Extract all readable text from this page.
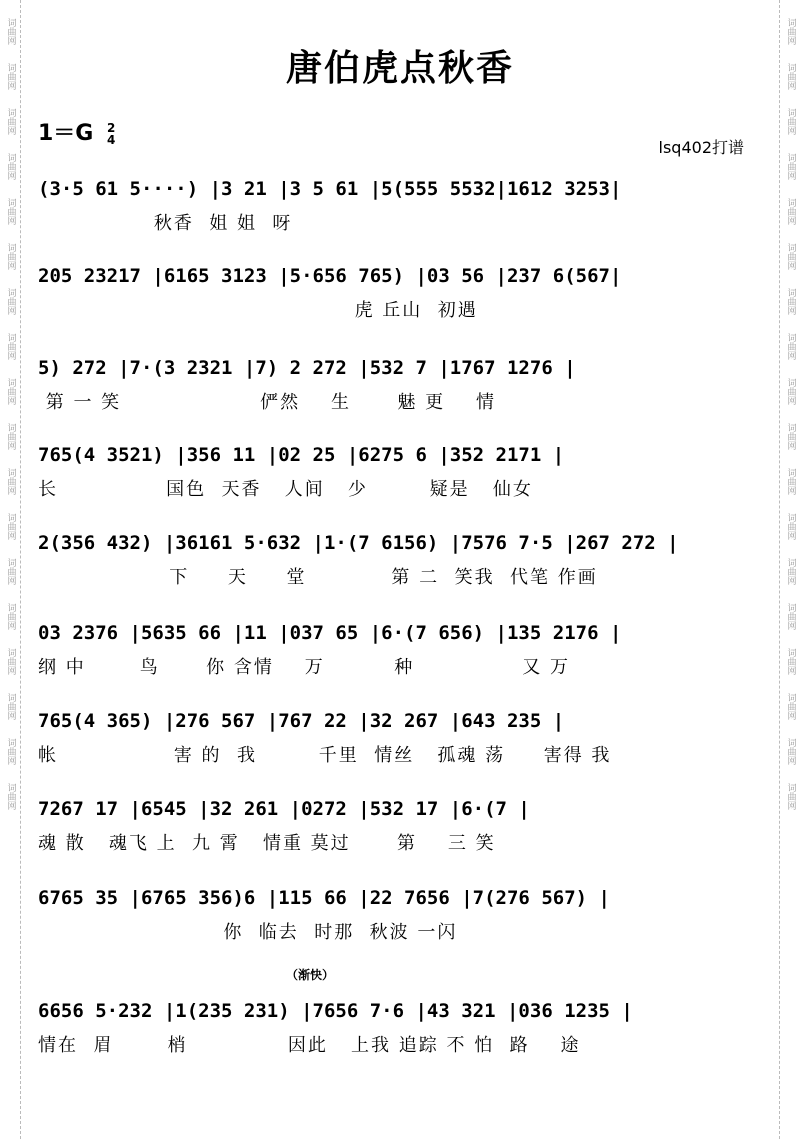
词曲网
词曲网
词曲网
词曲网
词曲网
词曲网
词曲网
词曲网
词曲网
词曲网
词曲网
词曲网
词曲网
词曲网
词曲网
词曲网
词曲网
词曲网
词曲网
词曲网
词曲网
词曲网
词曲网
词曲网
词曲网
词曲网
词曲网
词曲网
词曲网
词曲网
词曲网
词曲网
词曲网
词曲网
词曲网
词曲网
唐伯虎点秋香
1＝G 2
4	lsq402打谱
（渐快）
(3·5 61 5····) |3 21 |3 5 61 |5(555 5532|1612 3253|
秋香  姐 姐  呀
205 23217 |6165 3123 |5·656 765) |03 56 |237 6(567|
虎 丘山  初遇
5) 272 |7·(3 2321 |7) 2 272 |532 7 |1767 1276 |
第 一 笑                  俨然    生      魅 更    情
765(4 3521) |356 11 |02 25 |6275 6 |352 2171 |
长              国色  天香   人间   少        疑是   仙女
2(356 432) |36161 5·632 |1·(7 6156) |7576 7·5 |267 272 |
下     天     堂           第 二  笑我  代笔 作画
03 2376 |5635 66 |11 |037 65 |6·(7 656) |135 2176 |
纲 中       鸟      你 含情    万         种              又 万
765(4 365) |276 567 |767 22 |32 267 |643 235 |
帐               害 的  我        千里  情丝   孤魂 荡     害得 我
7267 17 |6545 |32 261 |0272 |532 17 |6·(7 |
魂 散   魂飞 上  九 霄   情重 莫过      第    三 笑
6765 35 |6765 356)6 |115 66 |22 7656 |7(276 567) |
你  临去  时那  秋波 一闪
6656 5·232 |1(235 231) |7656 7·6 |43 321 |036 1235 |
情在  眉       梢             因此   上我 追踪 不 怕  路    途
